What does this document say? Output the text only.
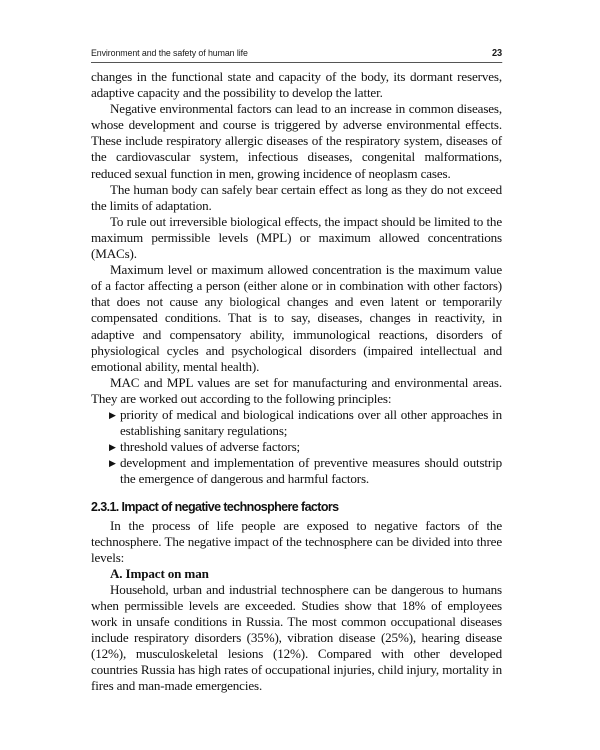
Environment and the safety of human life	23

changes in the functional state and capacity of the body, its dormant reserves, adaptive capacity and the possibility to develop the latter.

Negative environmental factors can lead to an increase in common diseases, whose development and course is triggered by adverse environmental effects. These include respiratory allergic diseases of the respiratory system, diseases of the cardiovascular system, infectious diseases, congenital malformations, reduced sexual function in men, growing incidence of neoplasm cases.

The human body can safely bear certain effect as long as they do not exceed the limits of adaptation.

To rule out irreversible biological effects, the impact should be limited to the maximum permissible levels (MPL) or maximum allowed concentrations (MACs).

Maximum level or maximum allowed concentration is the maximum value of a factor affecting a person (either alone or in combination with other factors) that does not cause any biological changes and even latent or temporarily compensated conditions. That is to say, diseases, changes in reactivity, in adaptive and compensatory ability, immunological reactions, disorders of physiological cycles and psychological disorders (impaired intellectual and emotional ability, mental health).

MAC and MPL values are set for manufacturing and environmental areas. They are worked out according to the following principles:

▶ priority of medical and biological indications over all other approaches in establishing sanitary regulations;
▶ threshold values of adverse factors;
▶ development and implementation of preventive measures should outstrip the emergence of dangerous and harmful factors.
2.3.1. Impact of negative technosphere factors

In the process of life people are exposed to negative factors of the technosphere. The negative impact of the technosphere can be divided into three levels:

A. Impact on man

Household, urban and industrial technosphere can be dangerous to humans when permissible levels are exceeded. Studies show that 18% of employees work in unsafe conditions in Russia. The most common occupational diseases include respiratory disorders (35%), vibration disease (25%), hearing disease (12%), musculoskeletal lesions (12%). Compared with other developed countries Russia has high rates of occupational injuries, child injury, mortality in fires and man-made emergencies.
